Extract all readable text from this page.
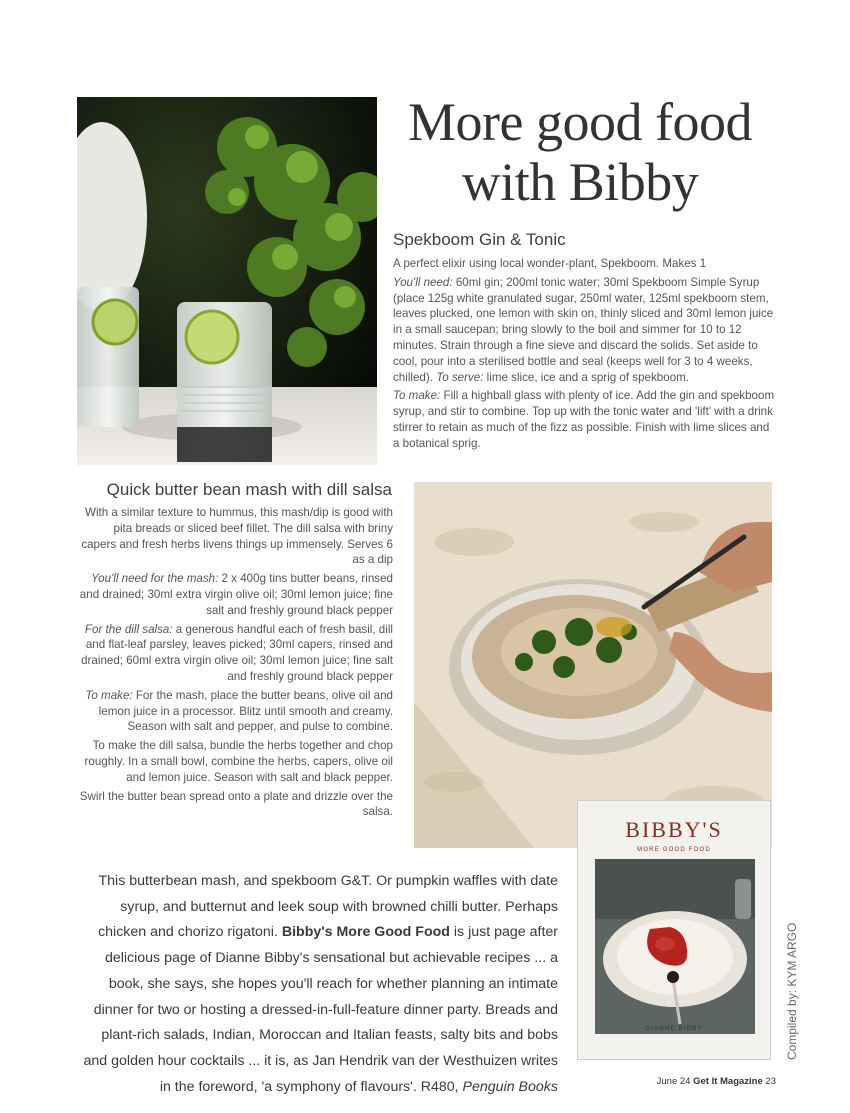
More good food
with Bibby
Spekboom Gin & Tonic

A perfect elixir using local wonder-plant, Spekboom. Makes 1

You'll need: 60ml gin; 200ml tonic water; 30ml Spekboom Simple Syrup (place 125g white granulated sugar, 250ml water, 125ml spekboom stem, leaves plucked, one lemon with skin on, thinly sliced and 30ml lemon juice in a small saucepan; bring slowly to the boil and simmer for 10 to 12 minutes. Strain through a fine sieve and discard the solids. Set aside to cool, pour into a sterilised bottle and seal (keeps well for 3 to 4 weeks, chilled). To serve: lime slice, ice and a sprig of spekboom.

To make: Fill a highball glass with plenty of ice. Add the gin and spekboom syrup, and stir to combine. Top up with the tonic water and 'lift' with a drink stirrer to retain as much of the fizz as possible. Finish with lime slices and a botanical sprig.

Quick butter bean mash with dill salsa

With a similar texture to hummus, this mash/dip is good with pita breads or sliced beef fillet. The dill salsa with briny capers and fresh herbs livens things up immensely. Serves 6 as a dip

You'll need for the mash: 2 x 400g tins butter beans, rinsed and drained; 30ml extra virgin olive oil; 30ml lemon juice; fine salt and freshly ground black pepper

For the dill salsa: a generous handful each of fresh basil, dill and flat-leaf parsley, leaves picked; 30ml capers, rinsed and drained; 60ml extra virgin olive oil; 30ml lemon juice; fine salt and freshly ground black pepper

To make: For the mash, place the butter beans, olive oil and lemon juice in a processor. Blitz until smooth and creamy. Season with salt and pepper, and pulse to combine.

To make the dill salsa, bundle the herbs together and chop roughly. In a small bowl, combine the herbs, capers, olive oil and lemon juice. Season with salt and black pepper.

Swirl the butter bean spread onto a plate and drizzle over the salsa.

BIBBY'S
MORE GOOD FOOD
DIANNE BIBBY	Compiled by: KYM ARGO
This butterbean mash, and spekboom G&T. Or pumpkin waffles with date syrup, and butternut and leek soup with browned chilli butter. Perhaps chicken and chorizo rigatoni. Bibby's More Good Food is just page after delicious page of Dianne Bibby's sensational but achievable recipes ... a book, she says, she hopes you'll reach for whether planning an intimate dinner for two or hosting a dressed-in-full-feature dinner party. Breads and plant-rich salads, Indian, Moroccan and Italian feasts, salty bits and bobs and golden hour cocktails ... it is, as Jan Hendrik van der Westhuizen writes in the foreword, 'a symphony of flavours'. R480, Penguin Books	June 24 Get It Magazine 23
